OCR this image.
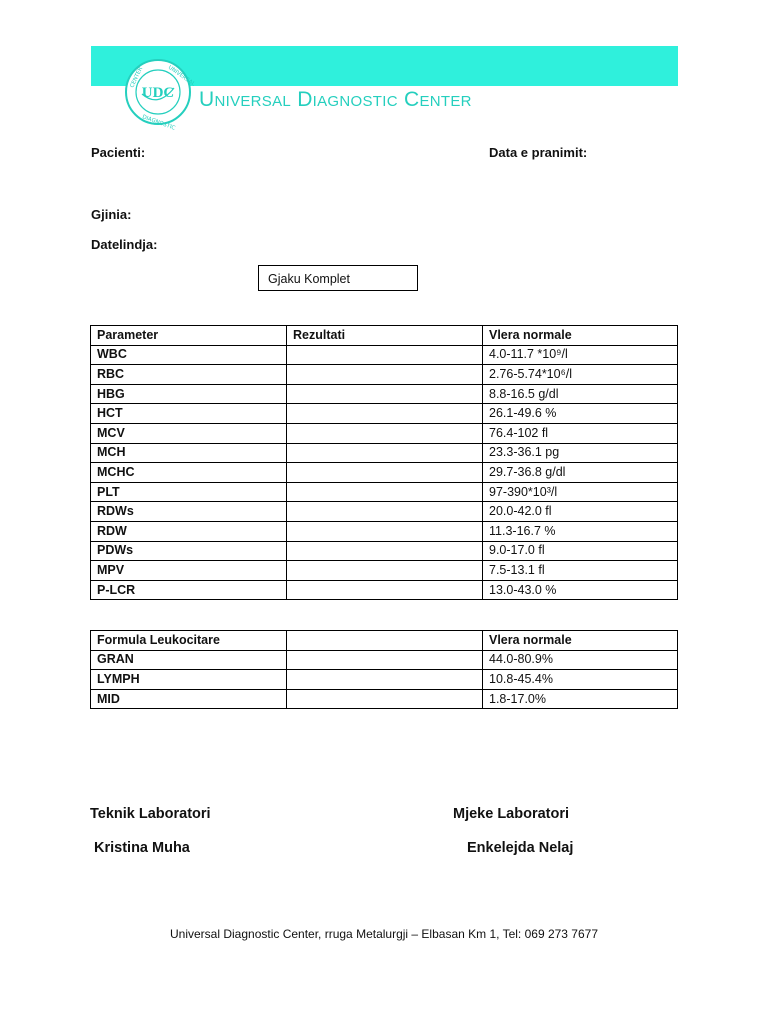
UDC
CENTER	UNIVERSAL
DIAGNOSTIC
Universal Diagnostic Center
Pacienti:	Data e pranimit:
Gjinia:
Datelindja:
Gjaku Komplet
Parameter	Rezultati	Vlera normale
WBC		4.0-11.7 *10⁹/l
RBC		2.76-5.74*10⁶/l
HBG		8.8-16.5 g/dl
HCT		26.1-49.6 %
MCV		76.4-102 fl
MCH		23.3-36.1 pg
MCHC		29.7-36.8 g/dl
PLT		97-390*10³/l
RDWs		20.0-42.0 fl
RDW		11.3-16.7 %
PDWs		9.0-17.0 fl
MPV		7.5-13.1 fl
P-LCR		13.0-43.0 %
Formula Leukocitare		Vlera normale
GRAN		44.0-80.9%
LYMPH		10.8-45.4%
MID		1.8-17.0%
Teknik Laboratori
Kristina Muha
Mjeke Laboratori
Enkelejda Nelaj
Universal Diagnostic Center, rruga Metalurgji – Elbasan Km 1, Tel: 069 273 7677
